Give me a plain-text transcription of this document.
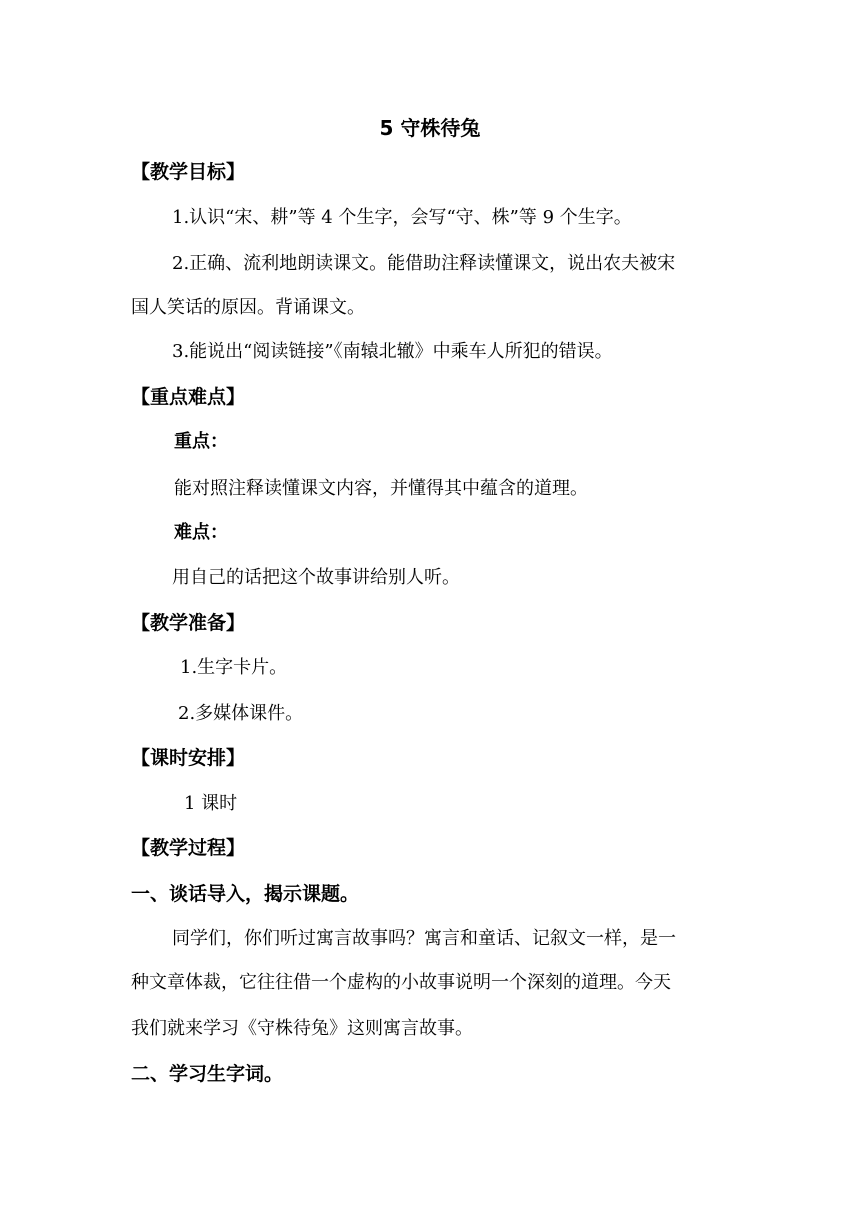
5 守株待兔
【教学目标】
1.认识“宋、耕”等 4 个生字，会写“守、株”等 9 个生字。
2.正确、流利地朗读课文。能借助注释读懂课文，说出农夫被宋
国人笑话的原因。背诵课文。
3.能说出“阅读链接”《南辕北辙》中乘车人所犯的错误。
【重点难点】
重点：
能对照注释读懂课文内容，并懂得其中蕴含的道理。
难点：
用自己的话把这个故事讲给别人听。
【教学准备】
1.生字卡片。
2.多媒体课件。
【课时安排】
1 课时
【教学过程】
一、谈话导入，揭示课题。
同学们，你们听过寓言故事吗？寓言和童话、记叙文一样，是一
种文章体裁，它往往借一个虚构的小故事说明一个深刻的道理。今天
我们就来学习《守株待兔》这则寓言故事。
二、学习生字词。
